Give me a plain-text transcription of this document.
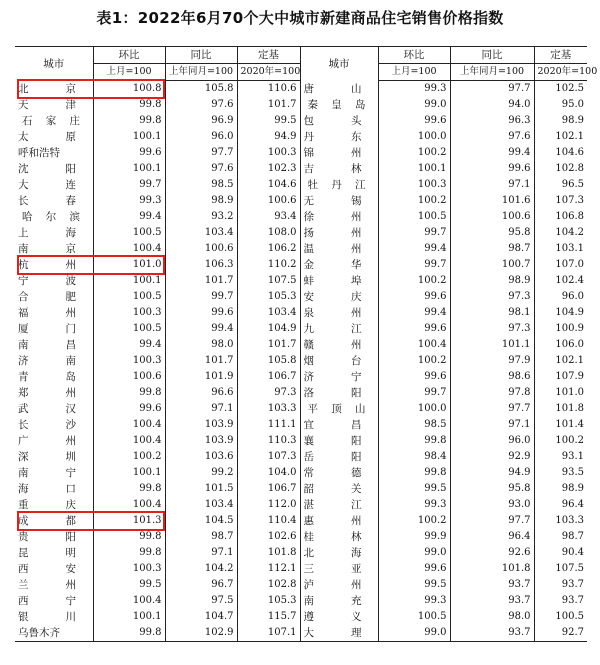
表1：2022年6月70个大中城市新建商品住宅销售价格指数
城市	环比	同比	定基	城市	环比	同比	定基
	上月=100	上年同月=100	2020年=100		上月=100	上年同月=100	2020年=100

北 京	100.8	105.8	110.6	唐 山	99.3	97.7	102.5

天 津	99.8	97.6	101.7	秦皇岛	99.0	94.0	95.0

石家庄	99.8	96.9	99.5	包 头	99.6	96.3	98.9

太 原	100.1	96.0	94.9	丹 东	100.0	97.6	102.1

呼和浩特	99.6	97.7	100.3	锦 州	100.2	99.4	104.6

沈 阳	100.1	97.6	102.3	吉 林	100.1	99.6	102.8

大 连	99.7	98.5	104.6	牡丹江	100.3	97.1	96.5

长 春	99.3	98.9	100.6	无 锡	100.2	101.6	107.3

哈尔滨	99.4	93.2	93.4	徐 州	100.5	100.6	106.8

上 海	100.5	103.4	108.0	扬 州	99.7	95.8	104.2

南 京	100.4	100.6	106.2	温 州	99.4	98.7	103.1

杭 州	101.0	106.3	110.2	金 华	99.7	100.7	107.0

宁 波	100.1	101.7	107.5	蚌 埠	100.2	98.9	102.4

合 肥	100.5	99.7	105.3	安 庆	99.6	97.3	96.0

福 州	100.3	99.6	103.4	泉 州	99.4	98.1	104.9

厦 门	100.5	99.4	104.9	九 江	99.6	97.3	100.9

南 昌	99.4	98.0	101.7	赣 州	100.4	101.1	106.0

济 南	100.3	101.7	105.8	烟 台	100.2	97.9	102.1

青 岛	100.6	101.9	106.7	济 宁	99.6	98.6	107.9

郑 州	99.8	96.6	97.3	洛 阳	99.7	97.8	101.0

武 汉	99.6	97.1	103.3	平顶山	100.0	97.7	101.8

长 沙	100.4	103.9	111.1	宜 昌	98.5	97.1	101.4

广 州	100.4	103.9	110.3	襄 阳	99.8	96.0	100.2

深 圳	100.2	103.6	107.3	岳 阳	98.4	92.9	93.1

南 宁	100.1	99.2	104.0	常 德	99.8	94.9	93.5

海 口	99.8	101.5	106.7	韶 关	99.5	95.8	98.9

重 庆	100.4	103.4	112.0	湛 江	99.3	93.0	96.4

成 都	101.3	104.5	110.4	惠 州	100.2	97.7	103.3

贵 阳	99.8	98.7	102.6	桂 林	99.9	96.4	98.7

昆 明	99.8	97.1	101.8	北 海	99.0	92.6	90.4

西 安	100.3	104.2	112.1	三 亚	99.6	101.8	107.5

兰 州	99.5	96.7	102.8	泸 州	99.5	93.7	93.7

西 宁	100.4	97.5	105.3	南 充	99.3	93.7	93.7

银 川	100.1	104.7	115.7	遵 义	100.5	98.0	100.5

乌鲁木齐	99.8	102.9	107.1	大 理	99.0	93.7	92.7
